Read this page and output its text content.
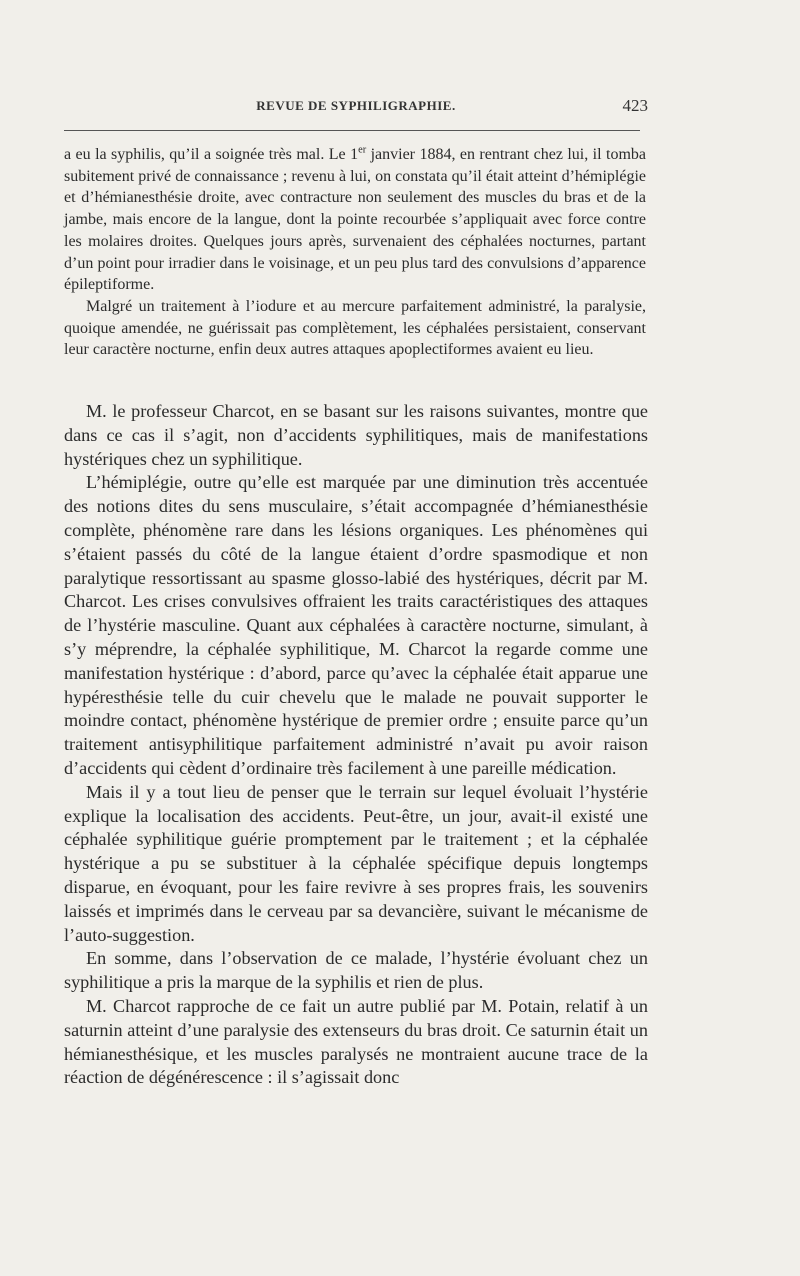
REVUE DE SYPHILIGRAPHIE.	423

a eu la syphilis, qu’il a soignée très mal. Le 1er janvier 1884, en rentrant chez lui, il tomba subitement privé de connaissance ; revenu à lui, on constata qu’il était atteint d’hémiplégie et d’hémianesthésie droite, avec contracture non seulement des muscles du bras et de la jambe, mais encore de la langue, dont la pointe recourbée s’appliquait avec force contre les molaires droites. Quelques jours après, survenaient des céphalées nocturnes, partant d’un point pour irradier dans le voisinage, et un peu plus tard des convulsions d’apparence épileptiforme.

Malgré un traitement à l’iodure et au mercure parfaitement administré, la paralysie, quoique amendée, ne guérissait pas complètement, les céphalées persistaient, conservant leur caractère nocturne, enfin deux autres attaques apoplectiformes avaient eu lieu.

M. le professeur Charcot, en se basant sur les raisons suivantes, montre que dans ce cas il s’agit, non d’accidents syphilitiques, mais de manifestations hystériques chez un syphilitique.

L’hémiplégie, outre qu’elle est marquée par une diminution très accentuée des notions dites du sens musculaire, s’était accompagnée d’hémianesthésie complète, phénomène rare dans les lésions organiques. Les phénomènes qui s’étaient passés du côté de la langue étaient d’ordre spasmodique et non paralytique ressortissant au spasme glosso-labié des hystériques, décrit par M. Charcot. Les crises convulsives offraient les traits caractéristiques des attaques de l’hystérie masculine. Quant aux céphalées à caractère nocturne, simulant, à s’y méprendre, la céphalée syphilitique, M. Charcot la regarde comme une manifestation hystérique : d’abord, parce qu’avec la céphalée était apparue une hypéresthésie telle du cuir chevelu que le malade ne pouvait supporter le moindre contact, phénomène hystérique de premier ordre ; ensuite parce qu’un traitement antisyphilitique parfaitement administré n’avait pu avoir raison d’accidents qui cèdent d’ordinaire très facilement à une pareille médication.

Mais il y a tout lieu de penser que le terrain sur lequel évoluait l’hystérie explique la localisation des accidents. Peut-être, un jour, avait-il existé une céphalée syphilitique guérie promptement par le traitement ; et la céphalée hystérique a pu se substituer à la céphalée spécifique depuis longtemps disparue, en évoquant, pour les faire revivre à ses propres frais, les souvenirs laissés et imprimés dans le cerveau par sa devancière, suivant le mécanisme de l’auto-suggestion.

En somme, dans l’observation de ce malade, l’hystérie évoluant chez un syphilitique a pris la marque de la syphilis et rien de plus.

M. Charcot rapproche de ce fait un autre publié par M. Potain, relatif à un saturnin atteint d’une paralysie des extenseurs du bras droit. Ce saturnin était un hémianesthésique, et les muscles paralysés ne montraient aucune trace de la réaction de dégénérescence : il s’agissait donc
